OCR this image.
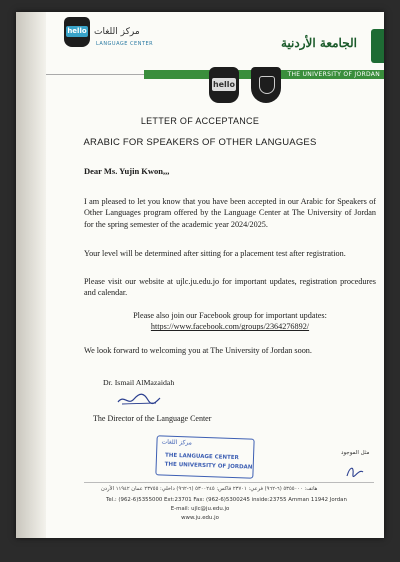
hello مركز اللغات
LANGUAGE CENTER	الجامعة الأردنية
THE UNIVERSITY OF JORDAN
hello
LETTER OF ACCEPTANCE
ARABIC FOR SPEAKERS OF OTHER LANGUAGES
Dear Ms. Yujin Kwon,,,
I am pleased to let you know that you have been accepted in our Arabic for Speakers of Other Languages program offered by the Language Center at The University of Jordan for the spring semester of the academic year 2024/2025.
Your level will be determined after sitting for a placement test after registration.
Please visit our website at ujlc.ju.edu.jo for important updates, registration procedures and calendar.
Please also join our Facebook group for important updates:
https://www.facebook.com/groups/2364276892/
We look forward to welcoming you at The University of Jordan soon.
Dr. Ismail AlMazaidah
The Director of the Language Center
مركز اللغات
THE LANGUAGE CENTER
THE UNIVERSITY OF JORDAN
مثل الموجود
هاتف: ٥٣٥٥٠٠٠ (٦-٩٦٢) فرعي: ٢٣٧٠١ فاكس: ٥٣٠٠٢٤٥ (٦-٩٦٢) داخلي: ٢٣٧٥٥ عمان ١١٩٤٢ الأردن
Tel.: (962-6)5355000 Ext:23701 Fax: (962-6)5300245 inside:23755 Amman 11942 Jordan
E-mail: ujlc@ju.edu.jo
www.ju.edu.jo
